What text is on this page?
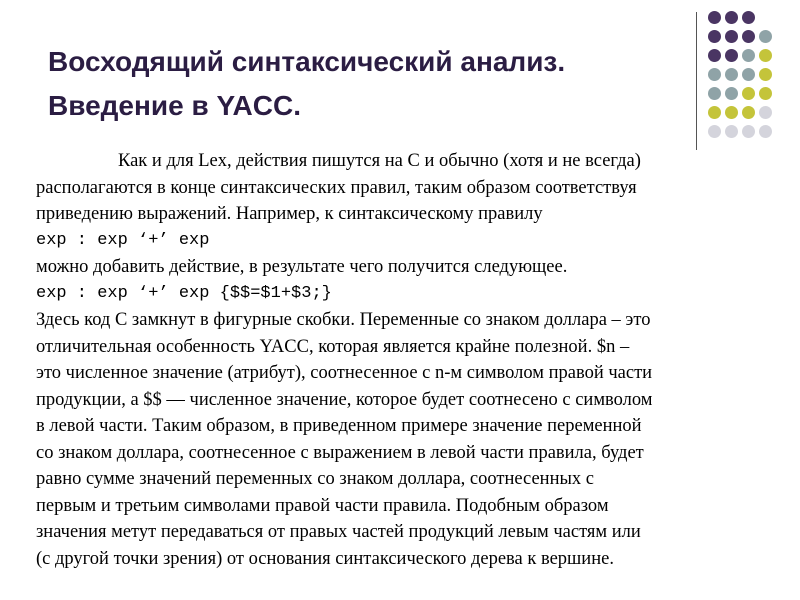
Восходящий синтаксический анализ.
Введение в YACC.
Как и для Lex, действия пишутся на C и обычно (хотя и не всегда)
располагаются в конце синтаксических правил, таким образом соответствуя
приведению выражений. Например, к синтаксическому правилу
exp : exp ‘+’ exp
можно добавить действие, в результате чего получится следующее.
exp : exp ‘+’ exp {$$=$1+$3;}
Здесь код C замкнут в фигурные скобки. Переменные со знаком доллара – это
отличительная особенность YACC, которая является крайне полезной. $n –
это численное значение (атрибут), соотнесенное с n-м символом правой части
продукции, а $$ — численное значение, которое будет соотнесено с символом
в левой части. Таким образом, в приведенном примере значение переменной
со знаком доллара, соотнесенное с выражением в левой части правила, будет
равно сумме значений переменных со знаком доллара, соотнесенных с
первым и третьим символами правой части правила. Подобным образом
значения метут передаваться от правых частей продукций левым частям или
(с другой точки зрения) от основания синтаксического дерева к вершине.
